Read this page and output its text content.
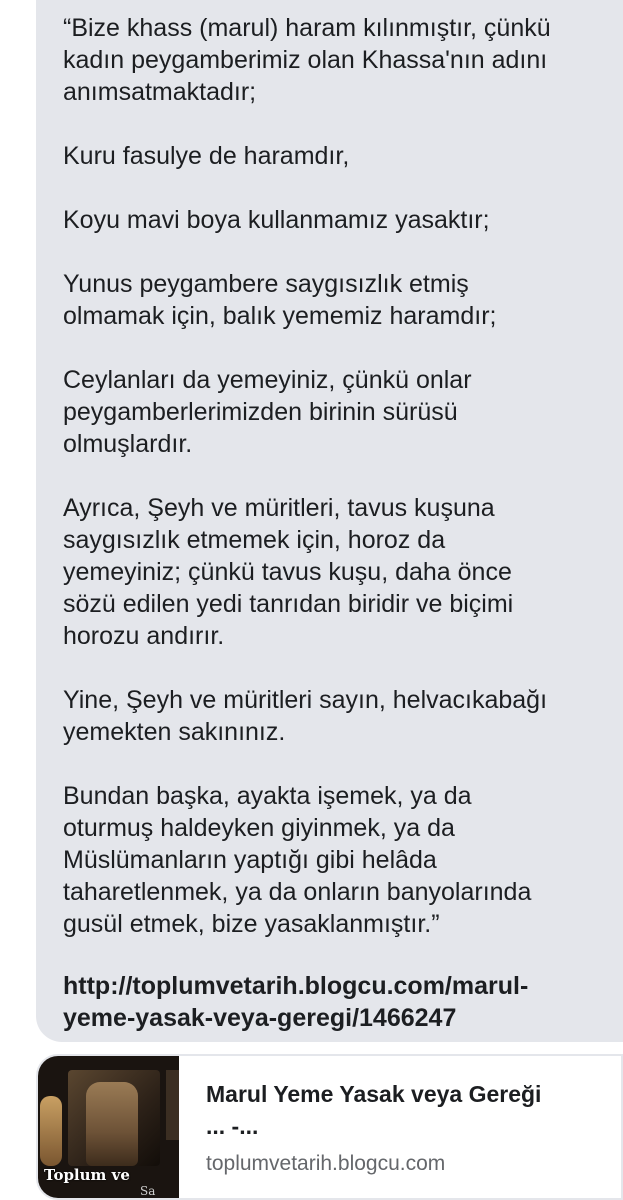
“Bize khass (marul) haram kılınmıştır, çünkü
kadın peygamberimiz olan Khassa'nın adını
anımsatmaktadır;
Kuru fasulye de haramdır,
Koyu mavi boya kullanmamız yasaktır;
Yunus peygambere saygısızlık etmiş
olmamak için, balık yememiz haramdır;
Ceylanları da yemeyiniz, çünkü onlar
peygamberlerimizden birinin sürüsü
olmuşlardır.
Ayrıca, Şeyh ve müritleri, tavus kuşuna
saygısızlık etmemek için, horoz da
yemeyiniz; çünkü tavus kuşu, daha önce
sözü edilen yedi tanrıdan biridir ve biçimi
horozu andırır.
Yine, Şeyh ve müritleri sayın, helvacıkabağı
yemekten sakınınız.
Bundan başka, ayakta işemek, ya da
oturmuş haldeyken giyinmek, ya da
Müslümanların yaptığı gibi helâda
taharetlenmek, ya da onların banyolarında
gusül etmek, bize yasaklanmıştır.”
http://toplumvetarih.blogcu.com/marul-
yeme-yasak-veya-geregi/1466247
Toplum ve
Sa
Marul Yeme Yasak veya Gereği
... -...
toplumvetarih.blogcu.com
